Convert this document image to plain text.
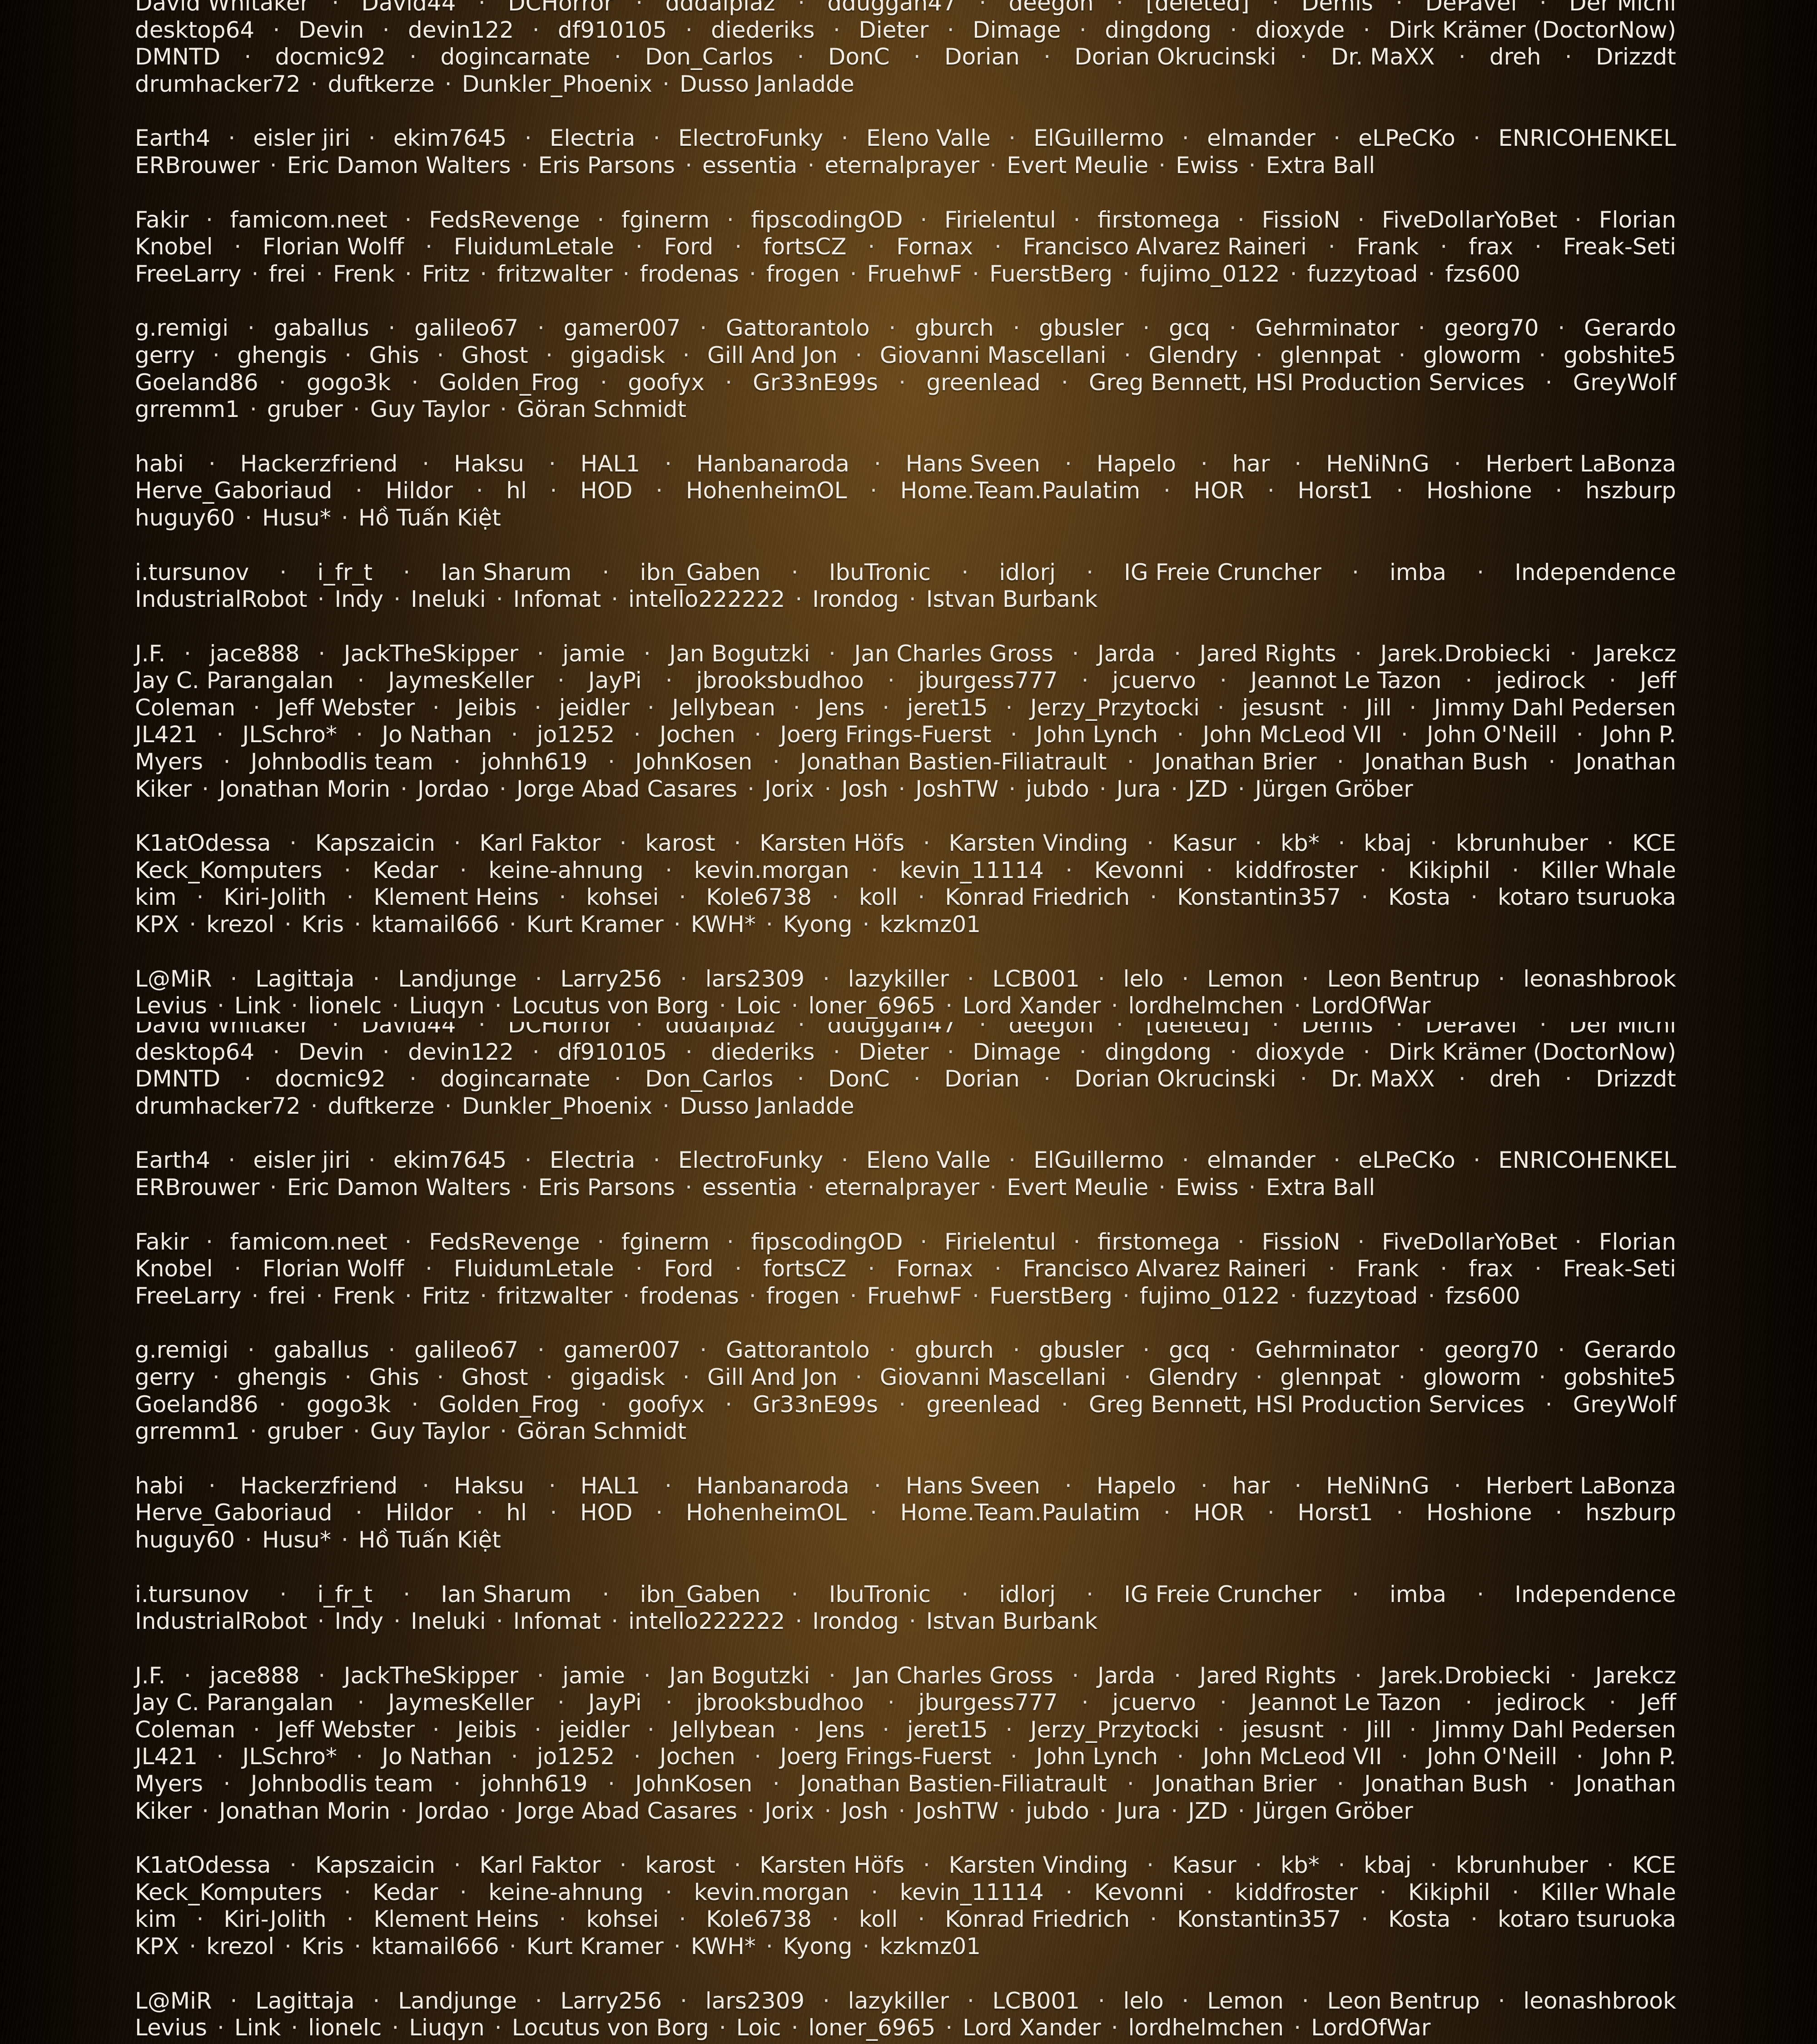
David Whitaker · David44 · DCHorror · dddalpiaz · dduggan47 · deegon · [deleted] · Demis · DePavel · Der Michl
desktop64 · Devin · devin122 · df910105 · diederiks · Dieter · Dimage · dingdong · dioxyde · Dirk Krämer (DoctorNow)
DMNTD · docmic92 · dogincarnate · Don_Carlos · DonC · Dorian · Dorian Okrucinski · Dr. MaXX · dreh · Drizzdt
drumhacker72 · duftkerze · Dunkler_Phoenix · Dusso Janladde
Earth4 · eisler jiri · ekim7645 · Electria · ElectroFunky · Eleno Valle · ElGuillermo · elmander · eLPeCKo · ENRICOHENKEL
ERBrouwer · Eric Damon Walters · Eris Parsons · essentia · eternalprayer · Evert Meulie · Ewiss · Extra Ball
Fakir · famicom.neet · FedsRevenge · fginerm · fipscodingOD · Firielentul · firstomega · FissioN · FiveDollarYoBet · Florian
Knobel · Florian Wolff · FluidumLetale · Ford · fortsCZ · Fornax · Francisco Alvarez Raineri · Frank · frax · Freak-Seti
FreeLarry · frei · Frenk · Fritz · fritzwalter · frodenas · frogen · FruehwF · FuerstBerg · fujimo_0122 · fuzzytoad · fzs600
g.remigi · gaballus · galileo67 · gamer007 · Gattorantolo · gburch · gbusler · gcq · Gehrminator · georg70 · Gerardo
gerry · ghengis · Ghis · Ghost · gigadisk · Gill And Jon · Giovanni Mascellani · Glendry · glennpat · gloworm · gobshite5
Goeland86 · gogo3k · Golden_Frog · goofyx · Gr33nE99s · greenlead · Greg Bennett, HSI Production Services · GreyWolf
grremm1 · gruber · Guy Taylor · Göran Schmidt
habi · Hackerzfriend · Haksu · HAL1 · Hanbanaroda · Hans Sveen · Hapelo · har · HeNiNnG · Herbert LaBonza
Herve_Gaboriaud · Hildor · hl · HOD · HohenheimOL · Home.Team.Paulatim · HOR · Horst1 · Hoshione · hszburp
huguy60 · Husu* · Hồ Tuấn Kiệt
i.tursunov · i_fr_t · Ian Sharum · ibn_Gaben · IbuTronic · idlorj · IG Freie Cruncher · imba · Independence
IndustrialRobot · Indy · Ineluki · Infomat · intello222222 · Irondog · Istvan Burbank
J.F. · jace888 · JackTheSkipper · jamie · Jan Bogutzki · Jan Charles Gross · Jarda · Jared Rights · Jarek.Drobiecki · Jarekcz
Jay C. Parangalan · JaymesKeller · JayPi · jbrooksbudhoo · jburgess777 · jcuervo · Jeannot Le Tazon · jedirock · Jeff
Coleman · Jeff Webster · Jeibis · jeidler · Jellybean · Jens · jeret15 · Jerzy_Przytocki · jesusnt · Jill · Jimmy Dahl Pedersen
JL421 · JLSchro* · Jo Nathan · jo1252 · Jochen · Joerg Frings-Fuerst · John Lynch · John McLeod VII · John O'Neill · John P.
Myers · Johnbodlis team · johnh619 · JohnKosen · Jonathan Bastien-Filiatrault · Jonathan Brier · Jonathan Bush · Jonathan
Kiker · Jonathan Morin · Jordao · Jorge Abad Casares · Jorix · Josh · JoshTW · jubdo · Jura · JZD · Jürgen Gröber
K1atOdessa · Kapszaicin · Karl Faktor · karost · Karsten Höfs · Karsten Vinding · Kasur · kb* · kbaj · kbrunhuber · KCE
Keck_Komputers · Kedar · keine-ahnung · kevin.morgan · kevin_11114 · Kevonni · kiddfroster · Kikiphil · Killer Whale
kim · Kiri-Jolith · Klement Heins · kohsei · Kole6738 · koll · Konrad Friedrich · Konstantin357 · Kosta · kotaro tsuruoka
KPX · krezol · Kris · ktamail666 · Kurt Kramer · KWH* · Kyong · kzkmz01
L@MiR · Lagittaja · Landjunge · Larry256 · lars2309 · lazykiller · LCB001 · lelo · Lemon · Leon Bentrup · leonashbrook
Levius · Link · lionelc · Liuqyn · Locutus von Borg · Loic · loner_6965 · Lord Xander · lordhelmchen · LordOfWar
David Whitaker · David44 · DCHorror · dddalpiaz · dduggan47 · deegon · [deleted] · Demis · DePavel · Der Michl
desktop64 · Devin · devin122 · df910105 · diederiks · Dieter · Dimage · dingdong · dioxyde · Dirk Krämer (DoctorNow)
DMNTD · docmic92 · dogincarnate · Don_Carlos · DonC · Dorian · Dorian Okrucinski · Dr. MaXX · dreh · Drizzdt
drumhacker72 · duftkerze · Dunkler_Phoenix · Dusso Janladde
Earth4 · eisler jiri · ekim7645 · Electria · ElectroFunky · Eleno Valle · ElGuillermo · elmander · eLPeCKo · ENRICOHENKEL
ERBrouwer · Eric Damon Walters · Eris Parsons · essentia · eternalprayer · Evert Meulie · Ewiss · Extra Ball
Fakir · famicom.neet · FedsRevenge · fginerm · fipscodingOD · Firielentul · firstomega · FissioN · FiveDollarYoBet · Florian
Knobel · Florian Wolff · FluidumLetale · Ford · fortsCZ · Fornax · Francisco Alvarez Raineri · Frank · frax · Freak-Seti
FreeLarry · frei · Frenk · Fritz · fritzwalter · frodenas · frogen · FruehwF · FuerstBerg · fujimo_0122 · fuzzytoad · fzs600
g.remigi · gaballus · galileo67 · gamer007 · Gattorantolo · gburch · gbusler · gcq · Gehrminator · georg70 · Gerardo
gerry · ghengis · Ghis · Ghost · gigadisk · Gill And Jon · Giovanni Mascellani · Glendry · glennpat · gloworm · gobshite5
Goeland86 · gogo3k · Golden_Frog · goofyx · Gr33nE99s · greenlead · Greg Bennett, HSI Production Services · GreyWolf
grremm1 · gruber · Guy Taylor · Göran Schmidt
habi · Hackerzfriend · Haksu · HAL1 · Hanbanaroda · Hans Sveen · Hapelo · har · HeNiNnG · Herbert LaBonza
Herve_Gaboriaud · Hildor · hl · HOD · HohenheimOL · Home.Team.Paulatim · HOR · Horst1 · Hoshione · hszburp
huguy60 · Husu* · Hồ Tuấn Kiệt
i.tursunov · i_fr_t · Ian Sharum · ibn_Gaben · IbuTronic · idlorj · IG Freie Cruncher · imba · Independence
IndustrialRobot · Indy · Ineluki · Infomat · intello222222 · Irondog · Istvan Burbank
J.F. · jace888 · JackTheSkipper · jamie · Jan Bogutzki · Jan Charles Gross · Jarda · Jared Rights · Jarek.Drobiecki · Jarekcz
Jay C. Parangalan · JaymesKeller · JayPi · jbrooksbudhoo · jburgess777 · jcuervo · Jeannot Le Tazon · jedirock · Jeff
Coleman · Jeff Webster · Jeibis · jeidler · Jellybean · Jens · jeret15 · Jerzy_Przytocki · jesusnt · Jill · Jimmy Dahl Pedersen
JL421 · JLSchro* · Jo Nathan · jo1252 · Jochen · Joerg Frings-Fuerst · John Lynch · John McLeod VII · John O'Neill · John P.
Myers · Johnbodlis team · johnh619 · JohnKosen · Jonathan Bastien-Filiatrault · Jonathan Brier · Jonathan Bush · Jonathan
Kiker · Jonathan Morin · Jordao · Jorge Abad Casares · Jorix · Josh · JoshTW · jubdo · Jura · JZD · Jürgen Gröber
K1atOdessa · Kapszaicin · Karl Faktor · karost · Karsten Höfs · Karsten Vinding · Kasur · kb* · kbaj · kbrunhuber · KCE
Keck_Komputers · Kedar · keine-ahnung · kevin.morgan · kevin_11114 · Kevonni · kiddfroster · Kikiphil · Killer Whale
kim · Kiri-Jolith · Klement Heins · kohsei · Kole6738 · koll · Konrad Friedrich · Konstantin357 · Kosta · kotaro tsuruoka
KPX · krezol · Kris · ktamail666 · Kurt Kramer · KWH* · Kyong · kzkmz01
L@MiR · Lagittaja · Landjunge · Larry256 · lars2309 · lazykiller · LCB001 · lelo · Lemon · Leon Bentrup · leonashbrook
Levius · Link · lionelc · Liuqyn · Locutus von Borg · Loic · loner_6965 · Lord Xander · lordhelmchen · LordOfWar
